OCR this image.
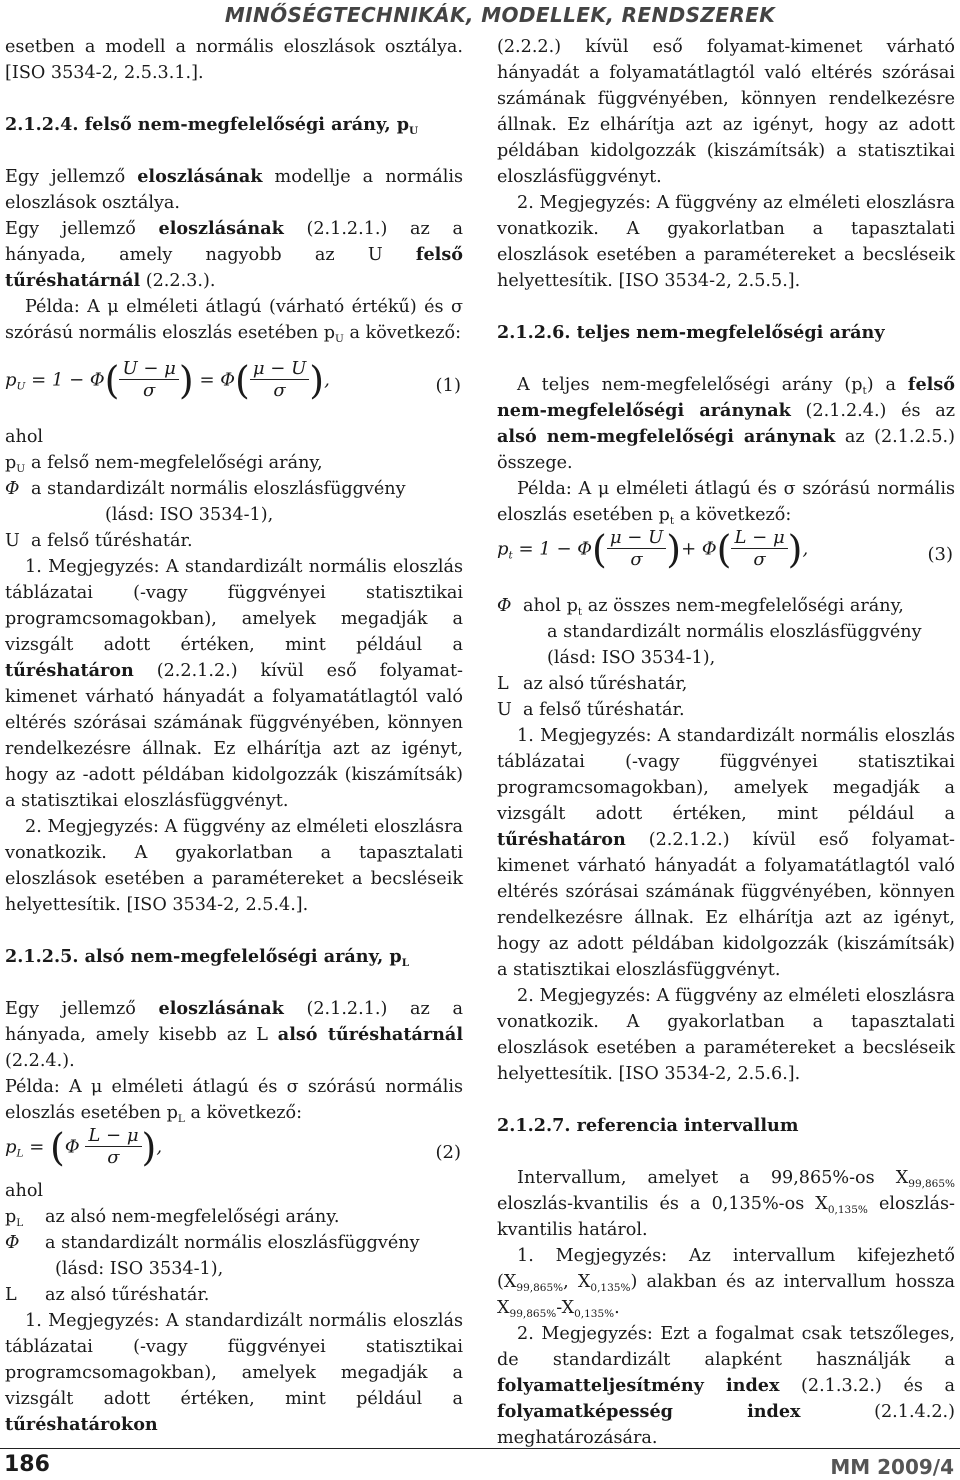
MINŐSÉGTECHNIKÁK, MODELLEK, RENDSZEREK

esetben a modell a normális eloszlások osztálya. [ISO 3534-2, 2.5.3.1.].

2.1.2.4. felső nem-megfelelőségi arány, $p_U$

Egy jellemző eloszlásának modellje a normális eloszlások osztálya.

Egy jellemző eloszlásának (2.1.2.1.) az a hányada, amely nagyobb az U felső tűréshatárnál (2.2.3.).

Példa: A μ elméleti átlagú (várható értékű) és σ szórású normális eloszlás esetében $p_U$ a következő:

$p_U = 1 - \Phi( \frac{U - \mu}{\sigma}$ ) = $\Phi( \frac{\mu - U}{\sigma}$ ),	(1)

ahol

$p_U$ a felső nem-megfelelőségi arány,
Φ a standardizált normális eloszlásfüggvény
(lásd: ISO 3534-1),
U a felső tűréshatár.

1. Megjegyzés: A standardizált normális eloszlás táblázatai (-vagy függvényei statisztikai programcsomagokban), amelyek megadják a vizsgált adott értéken, mint például a tűréshatáron (2.2.1.2.) kívül eső folyamat-kimenet várható hányadát a folyamatátlagtól való eltérés szórásai számának függvényében, könnyen rendelkezésre állnak. Ez elhárítja azt az igényt, hogy az -adott példában kidolgozzák (kiszámítsák) a statisztikai eloszlásfüggvényt.

2. Megjegyzés: A függvény az elméleti eloszlásra vonatkozik. A gyakorlatban a tapasztalati eloszlások esetében a paramétereket a becsléseik helyettesítik. [ISO 3534-2, 2.5.4.].

2.1.2.5. alsó nem-megfelelőségi arány, $p_L$

Egy jellemző eloszlásának (2.1.2.1.) az a hányada, amely kisebb az L alsó tűréshatárnál (2.2.4.).

Példa: A μ elméleti átlagú és σ szórású normális eloszlás esetében $p_L$ a következő:

$p_L = (\Phi \frac{L - \mu}{\sigma}$ ),	(2)

ahol

$p_L$ az alsó nem-megfelelőségi arány.
Φ a standardizált normális eloszlásfüggvény
(lásd: ISO 3534-1),
L az alsó tűréshatár.

1. Megjegyzés: A standardizált normális eloszlás táblázatai (-vagy függvényei statisztikai programcsomagokban), amelyek megadják a vizsgált adott értéken, mint például a tűréshatárokon

(2.2.2.) kívül eső folyamat-kimenet várható hányadát a folyamatátlagtól való eltérés szórásai számának függvényében, könnyen rendelkezésre állnak. Ez elhárítja azt az igényt, hogy az adott példában kidolgozzák (kiszámítsák) a statisztikai eloszlásfüggvényt.

2. Megjegyzés: A függvény az elméleti eloszlásra vonatkozik. A gyakorlatban a tapasztalati eloszlások esetében a paramétereket a becsléseik helyettesítik. [ISO 3534-2, 2.5.5.].

2.1.2.6. teljes nem-megfelelőségi arány

A teljes nem-megfelelőségi arány $(p_t)$ a felső nem-megfelelőségi aránynak (2.1.2.4.) és az alsó nem-megfelelőségi aránynak az (2.1.2.5.) összege.

Példa: A μ elméleti átlagú és σ szórású normális eloszlás esetében $p_t$ a következő:

$p_t = 1 - \Phi( \frac{\mu - U}{\sigma}$ )+ $\Phi( \frac{L - \mu}{\sigma}$ ),	(3)
Φ ahol $p_t$ az összes nem-megfelelőségi arány,
a standardizált normális eloszlásfüggvény
(lásd: ISO 3534-1),
L az alsó tűréshatár,
U a felső tűréshatár.

1. Megjegyzés: A standardizált normális eloszlás táblázatai (-vagy függvényei statisztikai programcsomagokban), amelyek megadják a vizsgált adott értéken, mint például a tűréshatáron (2.2.1.2.) kívül eső folyamat-kimenet várható hányadát a folyamatátlagtól való eltérés szórásai számának függvényében, könnyen rendelkezésre állnak. Ez elhárítja azt az igényt, hogy az adott példában kidolgozzák (kiszámítsák) a statisztikai eloszlásfüggvényt.

2. Megjegyzés: A függvény az elméleti eloszlásra vonatkozik. A gyakorlatban a tapasztalati eloszlások esetében a paramétereket a becsléseik helyettesítik. [ISO 3534-2, 2.5.6.].

2.1.2.7. referencia intervallum

Intervallum, amelyet a 99,865%-os $X_{99,865\%}$ eloszlás-kvantilis és a 0,135%-os $X_{0,135\%}$ eloszlás-kvantilis határol.

1. Megjegyzés: Az intervallum kifejezhető ($X_{99,865\%}$, $X_{0,135\%}$) alakban és az intervallum hossza $X_{99,865\%}-X_{0,135\%}$.

2. Megjegyzés: Ezt a fogalmat csak tetszőleges, de standardizált alapként használják a folyamatteljesítmény index (2.1.3.2.) és a folyamatképesség index (2.1.4.2.) meghatározására.

186	MM 2009/4
